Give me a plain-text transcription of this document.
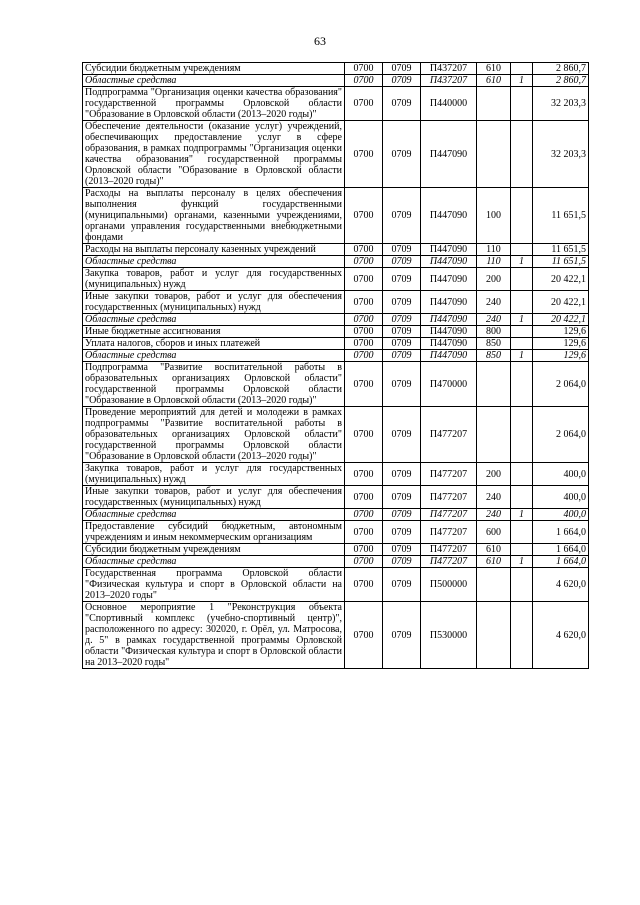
63
Субсидии бюджетным учреждениям	0700	0709	П437207	610		2 860,7
Областные средства	0700	0709	П437207	610	1	2 860,7
Подпрограмма "Организация оценки качества образования" государственной программы Орловской области "Образование в Орловской области (2013–2020 годы)"	0700	0709	П440000			32 203,3
Обеспечение деятельности (оказание услуг) учреждений, обеспечивающих предоставление услуг в сфере образования, в рамках подпрограммы "Организация оценки качества образования" государственной программы Орловской области "Образование в Орловской области (2013–2020 годы)"	0700	0709	П447090			32 203,3
Расходы на выплаты персоналу в целях обеспечения выполнения функций государственными (муниципальными) органами, казенными учреждениями, органами управления государственными внебюджетными фондами	0700	0709	П447090	100		11 651,5
Расходы на выплаты персоналу казенных учреждений	0700	0709	П447090	110		11 651,5
Областные средства	0700	0709	П447090	110	1	11 651,5
Закупка товаров, работ и услуг для государственных (муниципальных) нужд	0700	0709	П447090	200		20 422,1
Иные закупки товаров, работ и услуг для обеспечения государственных (муниципальных) нужд	0700	0709	П447090	240		20 422,1
Областные средства	0700	0709	П447090	240	1	20 422,1
Иные бюджетные ассигнования	0700	0709	П447090	800		129,6
Уплата налогов, сборов и иных платежей	0700	0709	П447090	850		129,6
Областные средства	0700	0709	П447090	850	1	129,6
Подпрограмма "Развитие воспитательной работы в образовательных организациях Орловской области" государственной программы Орловской области "Образование в Орловской области (2013–2020 годы)"	0700	0709	П470000			2 064,0
Проведение мероприятий для детей и молодежи в рамках подпрограммы "Развитие воспитательной работы в образовательных организациях Орловской области" государственной программы Орловской области "Образование в Орловской области (2013–2020 годы)"	0700	0709	П477207			2 064,0
Закупка товаров, работ и услуг для государственных (муниципальных) нужд	0700	0709	П477207	200		400,0
Иные закупки товаров, работ и услуг для обеспечения государственных (муниципальных) нужд	0700	0709	П477207	240		400,0
Областные средства	0700	0709	П477207	240	1	400,0
Предоставление субсидий бюджетным, автономным учреждениям и иным некоммерческим организациям	0700	0709	П477207	600		1 664,0
Субсидии бюджетным учреждениям	0700	0709	П477207	610		1 664,0
Областные средства	0700	0709	П477207	610	1	1 664,0
Государственная программа Орловской области "Физическая культура и спорт в Орловской области на 2013–2020 годы"	0700	0709	П500000			4 620,0
Основное мероприятие 1 "Реконструкция объекта "Спортивный комплекс (учебно-спортивный центр)", расположенного по адресу: 302020, г. Орёл, ул. Матросова, д. 5" в рамках государственной программы Орловской области "Физическая культура и спорт в Орловской области на 2013–2020 годы"	0700	0709	П530000			4 620,0
